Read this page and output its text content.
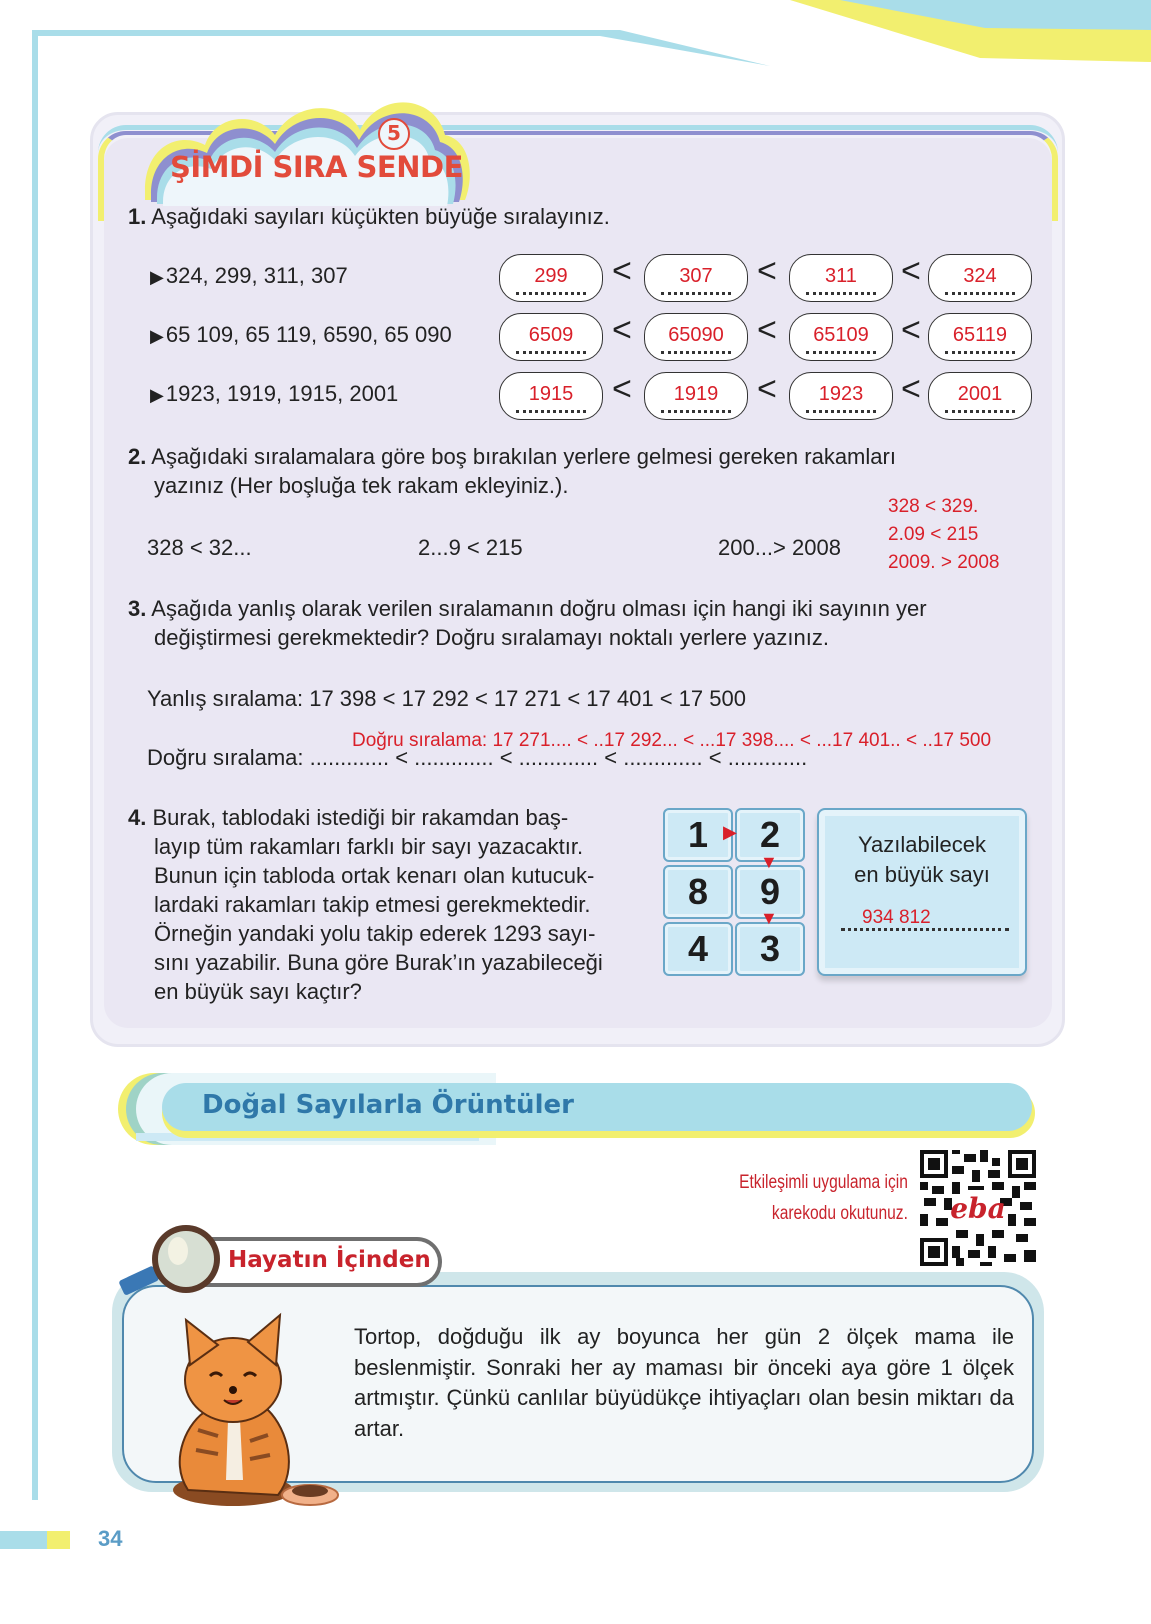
5
ŞİMDİ SIRA SENDE
1. Aşağıdaki sayıları küçükten büyüğe sıralayınız.
▶324, 299, 311, 307
▶65 109, 65 119, 6590, 65 090
▶1923, 1919, 1915, 2001
299	<	307	<	311	<	324
6509	<	65090 <	65109 <	65119
1915	<	1919	<	1923	<	2001
2. Aşağıdaki sıralamalara göre boş bırakılan yerlere gelmesi gereken rakamları
yazınız (Her boşluğa tek rakam ekleyiniz.).
328 < 32...	2...9 < 215	200...> 2008
328 < 329.
2.09 < 215
2009. > 2008
3. Aşağıda yanlış olarak verilen sıralamanın doğru olması için hangi iki sayının yer
değiştirmesi gerekmektedir? Doğru sıralamayı noktalı yerlere yazınız.
Yanlış sıralama: 17 398 < 17 292 < 17 271 < 17 401 < 17 500
Doğru sıralama: 17 271.... < ..17 292... < ...17 398.... < ...17 401.. < ..17 500
Doğru sıralama: ............. < ............. < ............. < ............. < .............
4. Burak, tablodaki istediği bir rakamdan baş-
layıp tüm rakamları farklı bir sayı yazacaktır.
Bunun için tabloda ortak kenarı olan kutucuk-
lardaki rakamları takip etmesi gerekmektedir.
Örneğin yandaki yolu takip ederek 1293 sayı-
sını yazabilir. Buna göre Burak’ın yazabileceği
en büyük sayı kaçtır?
1	2
8	9
4	3
▶
▼
▼
Yazılabilecek
en büyük sayı
934 812
Doğal Sayılarla Örüntüler
Etkileşimli uygulama için
karekodu okutunuz.	eba
Hayatın İçinden
Tortop, doğduğu ilk ay boyunca her gün 2 ölçek mama ile beslenmiştir. Sonraki her ay maması bir önceki aya göre 1 ölçek artmıştır. Çünkü canlılar büyüdükçe ihtiyaçları olan besin miktarı da artar.
34
